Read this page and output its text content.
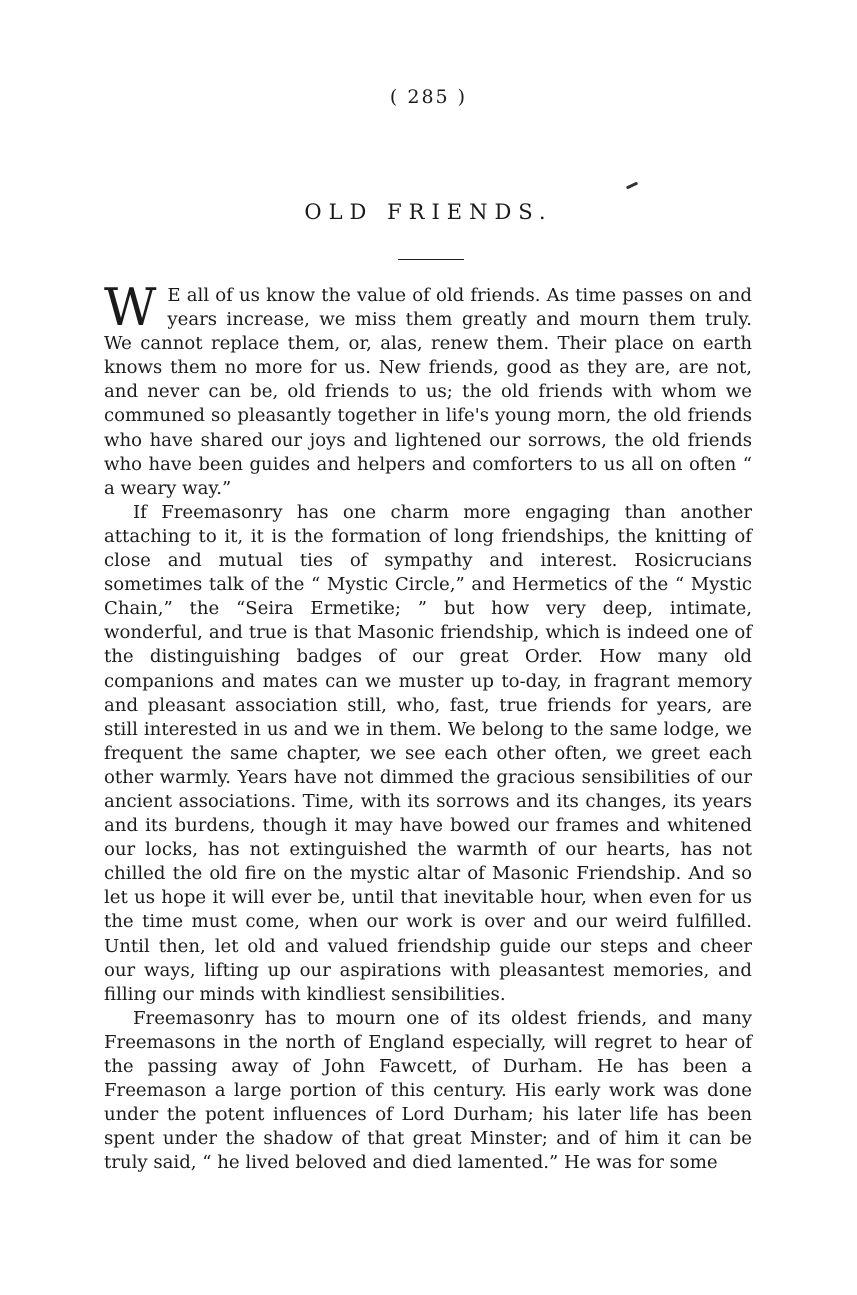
( 285 )
OLD FRIENDS.

W E all of us know the value of old friends. As time passes on and years increase, we miss them greatly and mourn them truly. We cannot replace them, or, alas, renew them. Their place on earth knows them no more for us. New friends, good as they are, are not, and never can be, old friends to us; the old friends with whom we communed so pleasantly together in life's young morn, the old friends who have shared our joys and lightened our sorrows, the old friends who have been guides and helpers and comforters to us all on often “ a weary way.”

If Freemasonry has one charm more engaging than another attaching to it, it is the formation of long friendships, the knitting of close and mutual ties of sympathy and interest. Rosicrucians sometimes talk of the “ Mystic Circle,” and Hermetics of the “ Mystic Chain,” the “Seira Ermetike; ” but how very deep, intimate, wonderful, and true is that Masonic friendship, which is indeed one of the distinguishing badges of our great Order. How many old companions and mates can we muster up to-day, in fragrant memory and pleasant association still, who, fast, true friends for years, are still interested in us and we in them. We belong to the same lodge, we frequent the same chapter, we see each other often, we greet each other warmly. Years have not dimmed the gracious sensibilities of our ancient associations. Time, with its sorrows and its changes, its years and its burdens, though it may have bowed our frames and whitened our locks, has not extinguished the warmth of our hearts, has not chilled the old fire on the mystic altar of Masonic Friendship. And so let us hope it will ever be, until that inevitable hour, when even for us the time must come, when our work is over and our weird fulfilled. Until then, let old and valued friendship guide our steps and cheer our ways, lifting up our aspirations with pleasantest memories, and filling our minds with kindliest sensibilities.

Freemasonry has to mourn one of its oldest friends, and many Freemasons in the north of England especially, will regret to hear of the passing away of John Fawcett, of Durham. He has been a Freemason a large portion of this century. His early work was done under the potent influences of Lord Durham; his later life has been spent under the shadow of that great Minster; and of him it can be truly said, “ he lived beloved and died lamented.” He was for some
